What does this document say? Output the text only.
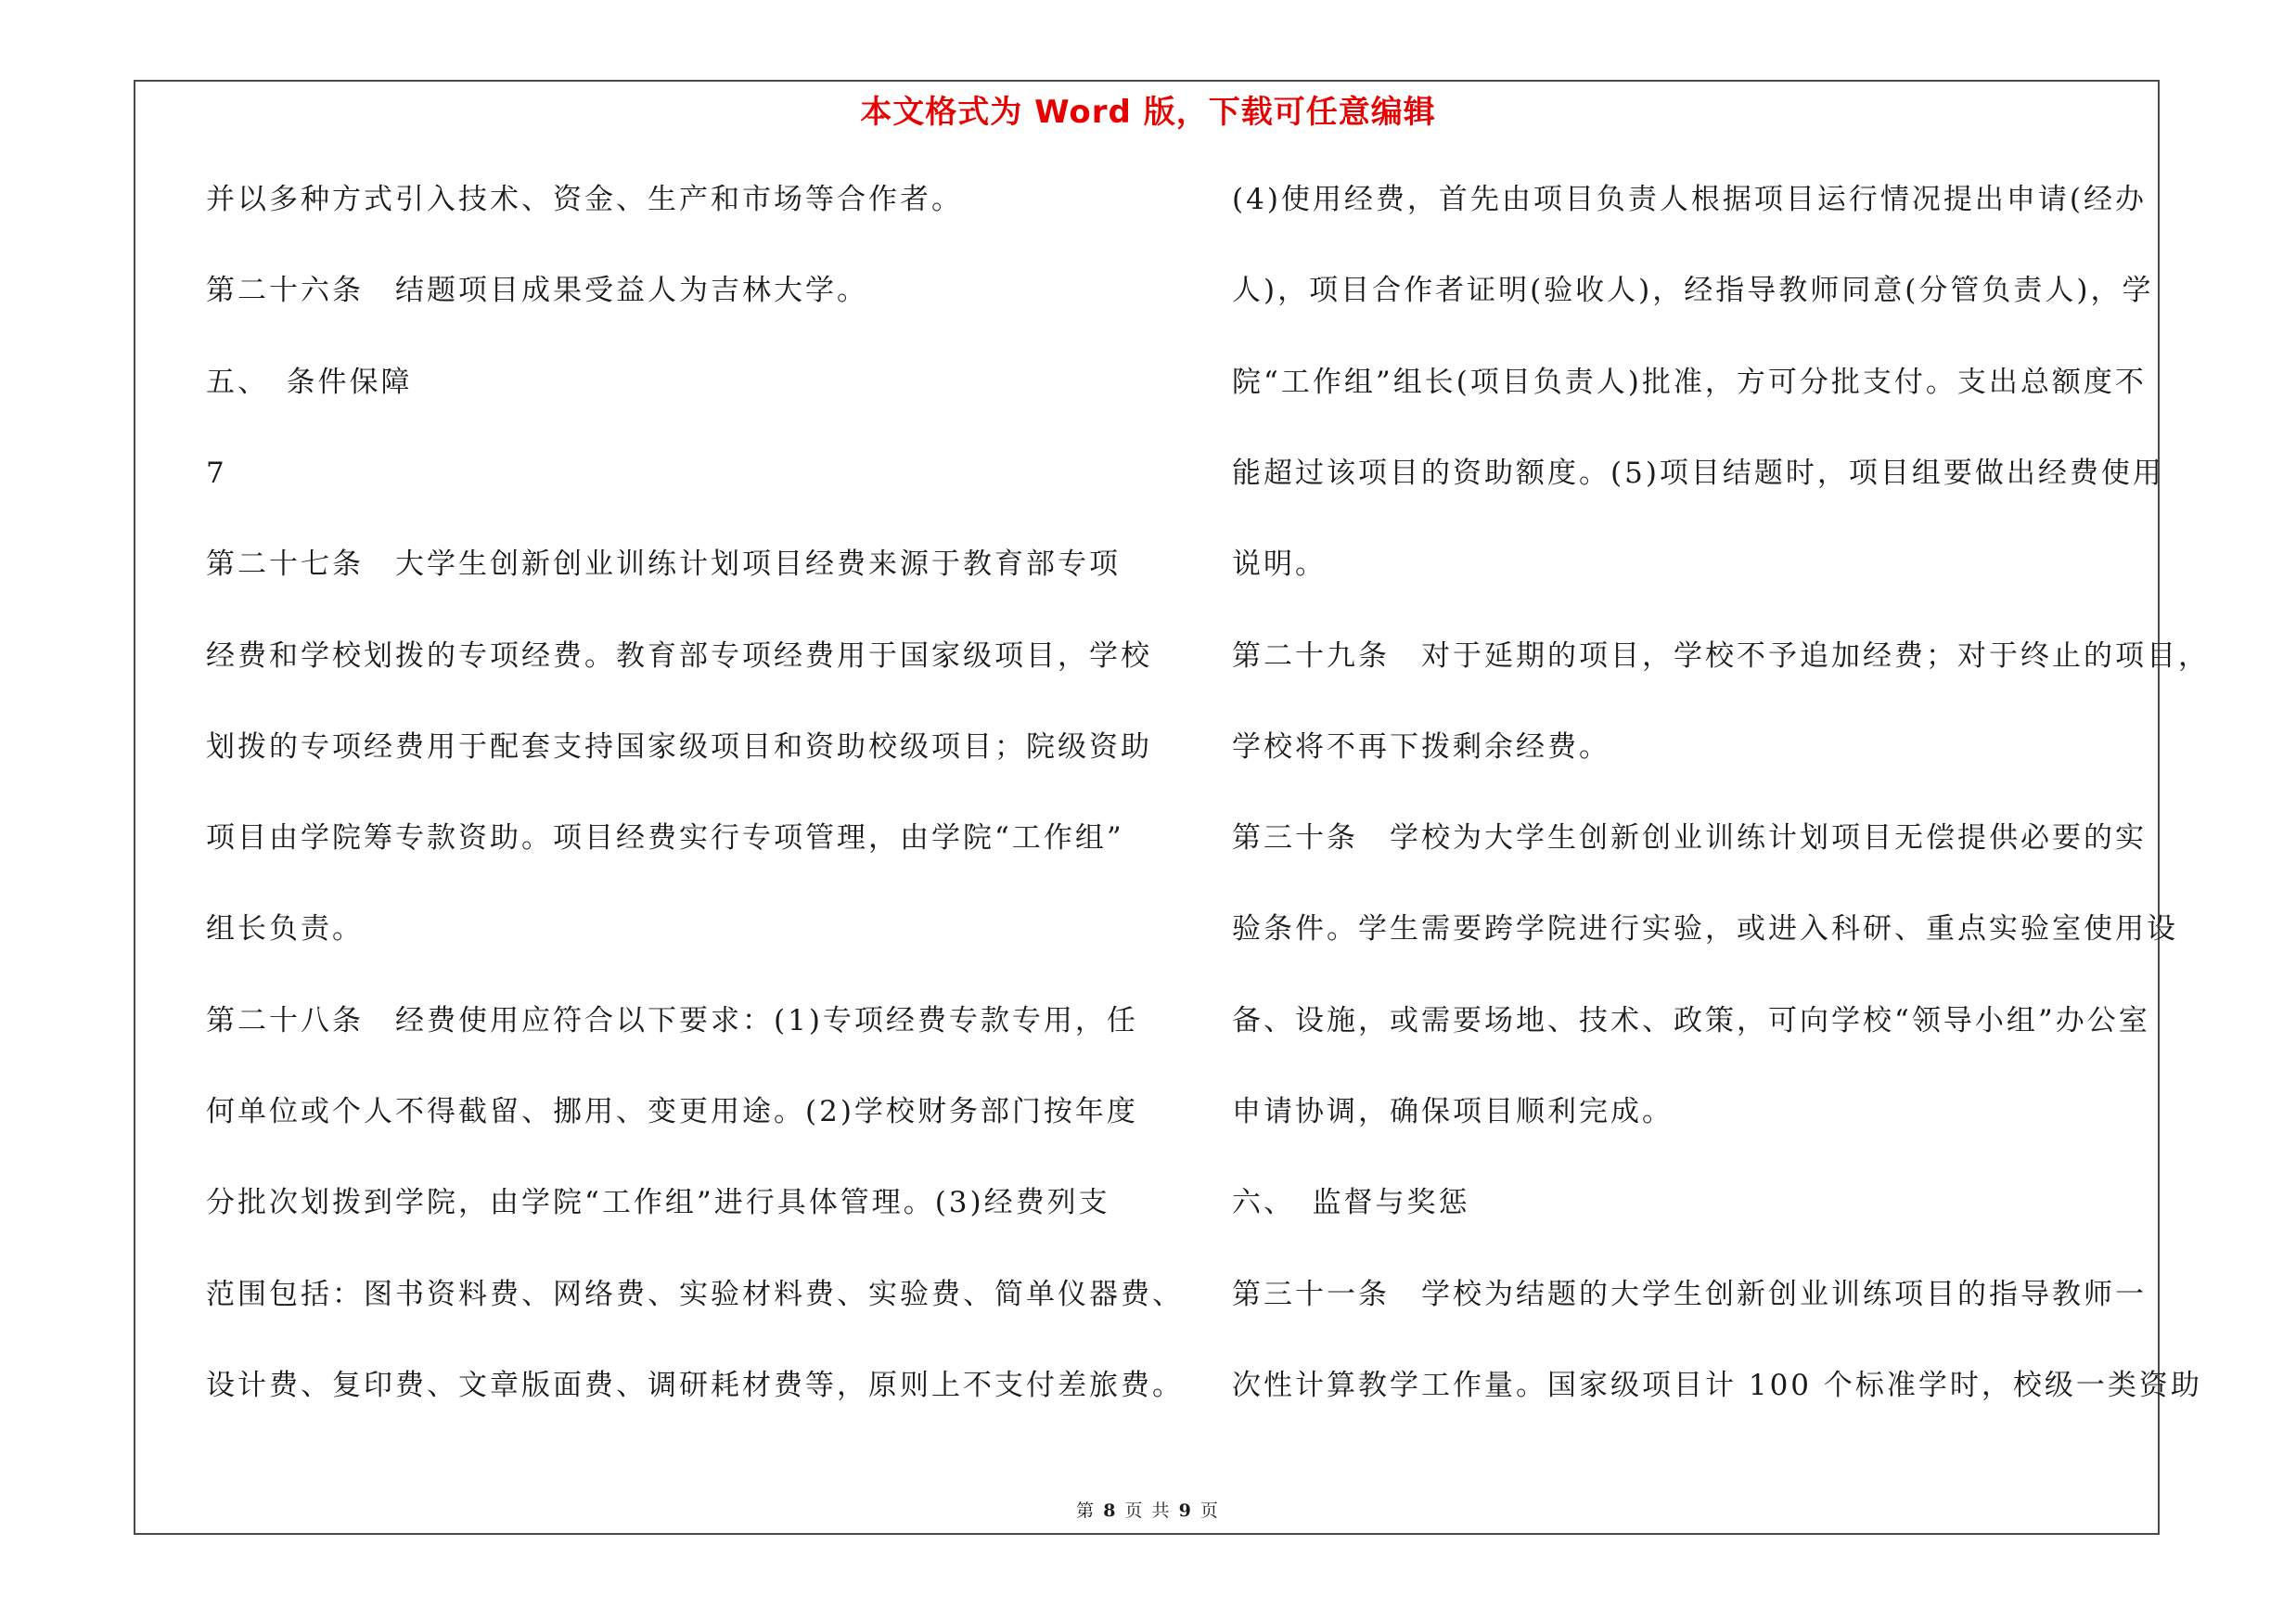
本文格式为 Word 版，下载可任意编辑
并以多种方式引入技术、资金、生产和市场等合作者。
第二十六条　结题项目成果受益人为吉林大学。
五、　条件保障
7
第二十七条　大学生创新创业训练计划项目经费来源于教育部专项
经费和学校划拨的专项经费。教育部专项经费用于国家级项目，学校
划拨的专项经费用于配套支持国家级项目和资助校级项目；院级资助
项目由学院筹专款资助。项目经费实行专项管理，由学院“工作组”
组长负责。
第二十八条　经费使用应符合以下要求：(1)专项经费专款专用，任
何单位或个人不得截留、挪用、变更用途。(2)学校财务部门按年度
分批次划拨到学院，由学院“工作组”进行具体管理。(3)经费列支
范围包括：图书资料费、网络费、实验材料费、实验费、简单仪器费、
设计费、复印费、文章版面费、调研耗材费等，原则上不支付差旅费。
(4)使用经费，首先由项目负责人根据项目运行情况提出申请(经办
人)，项目合作者证明(验收人)，经指导教师同意(分管负责人)，学
院“工作组”组长(项目负责人)批准，方可分批支付。支出总额度不
能超过该项目的资助额度。(5)项目结题时，项目组要做出经费使用
说明。
第二十九条　对于延期的项目，学校不予追加经费；对于终止的项目，
学校将不再下拨剩余经费。
第三十条　学校为大学生创新创业训练计划项目无偿提供必要的实
验条件。学生需要跨学院进行实验，或进入科研、重点实验室使用设
备、设施，或需要场地、技术、政策，可向学校“领导小组”办公室
申请协调，确保项目顺利完成。
六、　监督与奖惩
第三十一条　学校为结题的大学生创新创业训练项目的指导教师一
次性计算教学工作量。国家级项目计 100 个标准学时，校级一类资助
第 8 页 共 9 页
